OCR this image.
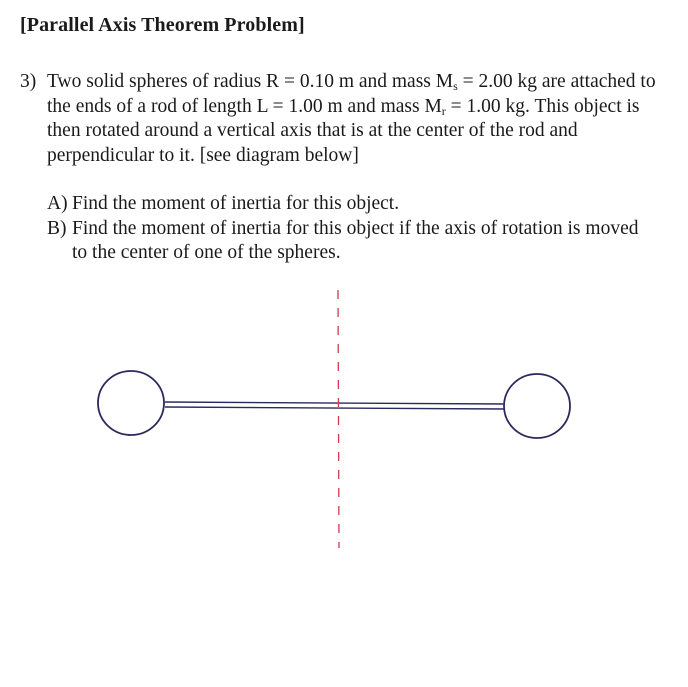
[Parallel Axis Theorem Problem]
3) Two solid spheres of radius R = 0.10 m and mass $M_s = 2.00$ kg are attached to the ends of a rod of length L = 1.00 m and mass $M_r = 1.00$ kg. This object is then rotated around a vertical axis that is at the center of the rod and perpendicular to it. [see diagram below]
A) Find the moment of inertia for this object.
B) Find the moment of inertia for this object if the axis of rotation is moved to the center of one of the spheres.
